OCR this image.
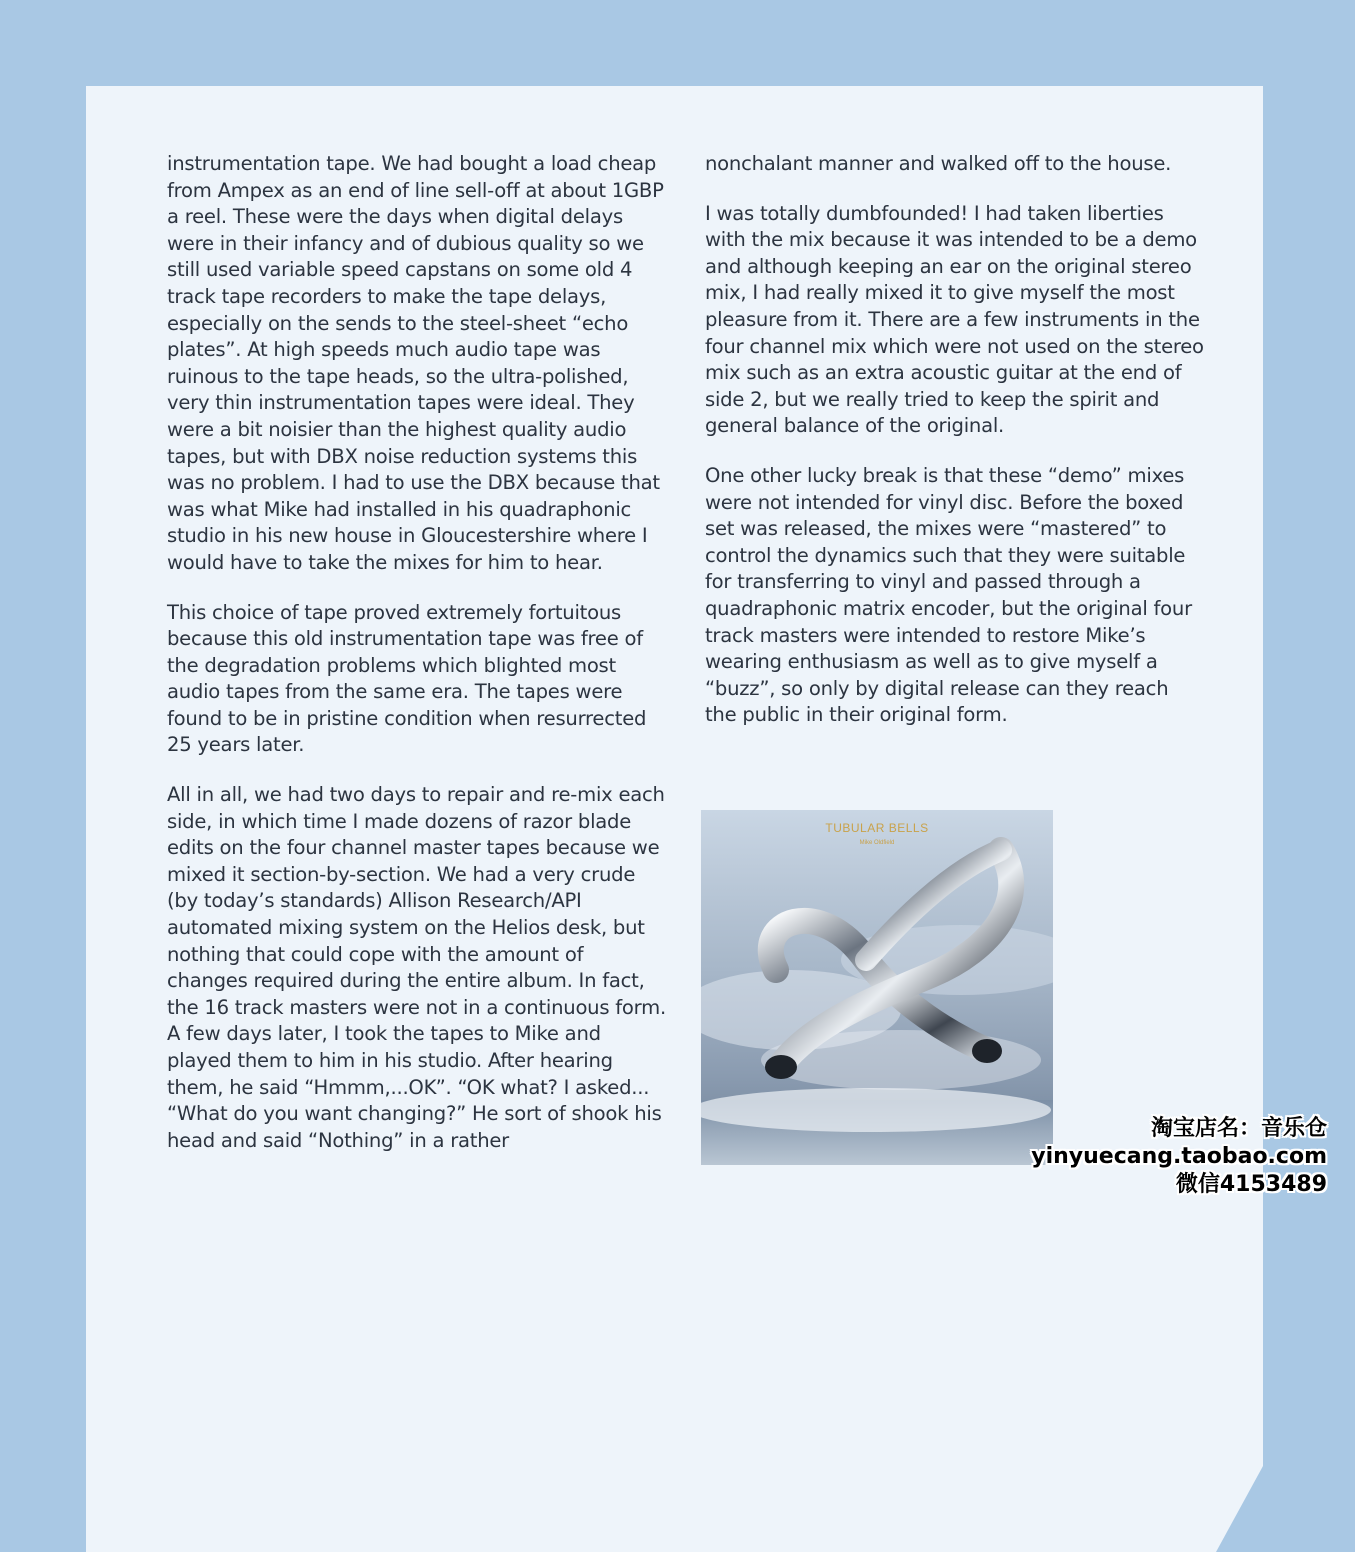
instrumentation tape. We had bought a load cheap from Ampex as an end of line sell-off at about 1GBP a reel. These were the days when digital delays were in their infancy and of dubious quality so we still used variable speed capstans on some old 4 track tape recorders to make the tape delays, especially on the sends to the steel-sheet “echo plates”. At high speeds much audio tape was ruinous to the tape heads, so the ultra-polished, very thin instrumentation tapes were ideal. They were a bit noisier than the highest quality audio tapes, but with DBX noise reduction systems this was no problem. I had to use the DBX because that was what Mike had installed in his quadraphonic studio in his new house in Gloucestershire where I would have to take the mixes for him to hear.

This choice of tape proved extremely fortuitous because this old instrumentation tape was free of the degradation problems which blighted most audio tapes from the same era. The tapes were found to be in pristine condition when resurrected 25 years later.

All in all, we had two days to repair and re-mix each side, in which time I made dozens of razor blade edits on the four channel master tapes because we mixed it section-by-section. We had a very crude (by today’s standards) Allison Research/API automated mixing system on the Helios desk, but nothing that could cope with the amount of changes required during the entire album. In fact, the 16 track masters were not in a continuous form. A few days later, I took the tapes to Mike and played them to him in his studio. After hearing them, he said “Hmmm,...OK”. “OK what? I asked... “What do you want changing?” He sort of shook his head and said “Nothing” in a rather

nonchalant manner and walked off to the house.

I was totally dumbfounded! I had taken liberties with the mix because it was intended to be a demo and although keeping an ear on the original stereo mix, I had really mixed it to give myself the most pleasure from it. There are a few instruments in the four channel mix which were not used on the stereo mix such as an extra acoustic guitar at the end of side 2, but we really tried to keep the spirit and general balance of the original.

One other lucky break is that these “demo” mixes were not intended for vinyl disc. Before the boxed set was released, the mixes were “mastered” to control the dynamics such that they were suitable for transferring to vinyl and passed through a quadraphonic matrix encoder, but the original four track masters were intended to restore Mike’s wearing enthusiasm as well as to give myself a “buzz”, so only by digital release can they reach the public in their original form.

TUBULAR BELLS
Mike Oldfield
淘宝店名：音乐仓
yinyuecang.taobao.com
微信4153489
